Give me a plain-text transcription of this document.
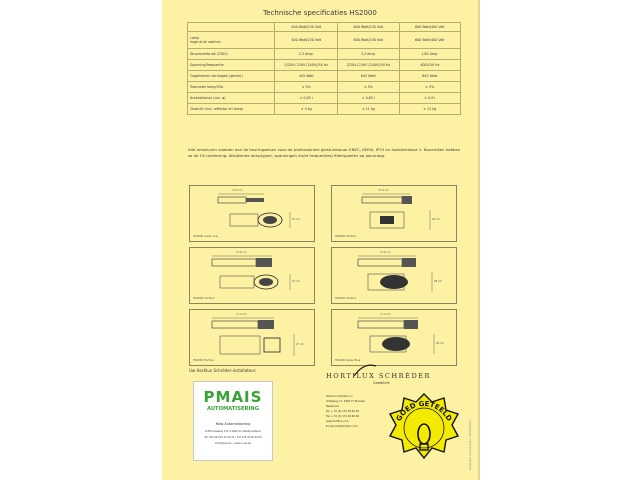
Technische specificaties HS2000
	400 Watt/230 Volt	600 Watt/230 Volt	600 Watt/400 Volt

Lamp
hoge druk natrium	400 Watt/230 Volt	600 Watt/230 Volt	600 Watt/400 Volt
Stroomverbruik (230V)	2,5 Amp.	3,3 Amp.	1,85 Amp.
Spanning/frequentie	(220V) 230V (240V)/50 Hz	(220V) 230V (240V)/50 Hz	400V/50 Hz
Opgenomen vermogen (gemid.)	445 Watt	645 Watt	645 Watt
Tolerantie lamp/VSA	± 5%	± 5%	± 5%
Arbeidsfactor (cos. φ)	> 0,85 i	> 0,85 i	> 0,9 i
Gewicht (incl. reflector en lamp)	± 9 kg	± 11 kg	± 11 kg
Alle armaturen voldoen aan de keuringseisen voor de professionele glastuinbouw: ENEC, KEMA, IP23 en Isolatieklasse 1. Bovendien hebben ze de CE-markering. Afwijkende lamptypen, spanningen en/of frequenties/ filterspoelen op aanvraag.
73.8 cm
27 cm
HS2000 Green Line
73.8 cm
28 cm
HS2000 Hortilux
77.6 cm
27 cm
HS2000 Hortilux
77.6 cm
28 cm
HS2000 Hortilux
77.4 cm
27 cm
HS2000 Hortilux
77.4 cm
28 cm
HS2000 Super Blue
Uw Hortilux Schréder-installateur:
PMAIS
AUTOMATISERING
Mais Automatisering
Duffhoutseweg 123 4 2660 St. Katelijne-Waver
Tel. 015 46 015 33 46 42 • Fax 015 00 00 04 00
info@mais.be • www.m-ais.be
HORTILUX SCHRÉDER
Groeilicht
Hortilux Schréder b.v.
Voltaweg 4-7, 2681 TV Monster
Nederland
Tel. + 31 (0) 174 28 66 28
Fax + 31 (0) 174 28 66 66
www.hortilux.com
E-mail info@hortilux.com
GOED GETEELD
Wijzigingen voorbehouden • 04/2003/2000
